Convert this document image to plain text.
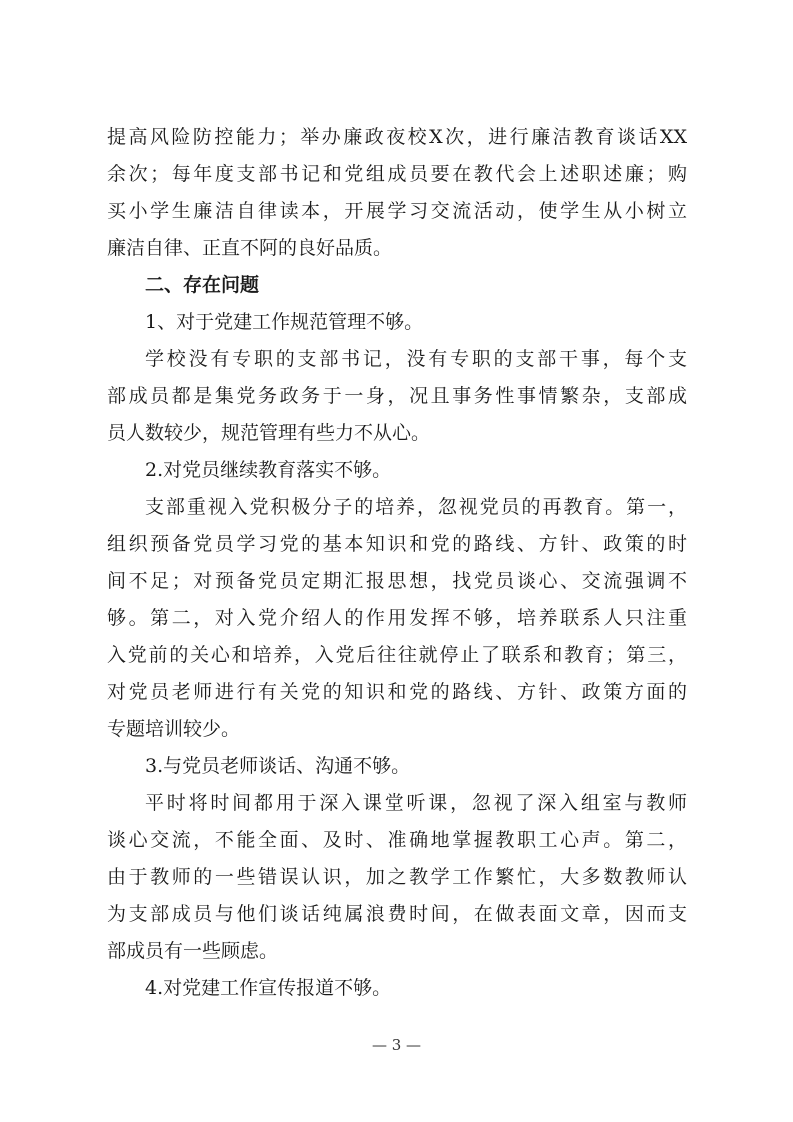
提高风险防控能力；举办廉政夜校X次，进行廉洁教育谈话XX
余次；每年度支部书记和党组成员要在教代会上述职述廉；购
买小学生廉洁自律读本，开展学习交流活动，使学生从小树立
廉洁自律、正直不阿的良好品质。
二、存在问题
1、对于党建工作规范管理不够。
学校没有专职的支部书记，没有专职的支部干事，每个支
部成员都是集党务政务于一身，况且事务性事情繁杂，支部成
员人数较少，规范管理有些力不从心。
2.对党员继续教育落实不够。
支部重视入党积极分子的培养，忽视党员的再教育。第一，
组织预备党员学习党的基本知识和党的路线、方针、政策的时
间不足；对预备党员定期汇报思想，找党员谈心、交流强调不
够。第二，对入党介绍人的作用发挥不够，培养联系人只注重
入党前的关心和培养，入党后往往就停止了联系和教育；第三，
对党员老师进行有关党的知识和党的路线、方针、政策方面的
专题培训较少。
3.与党员老师谈话、沟通不够。
平时将时间都用于深入课堂听课，忽视了深入组室与教师
谈心交流，不能全面、及时、准确地掌握教职工心声。第二，
由于教师的一些错误认识，加之教学工作繁忙，大多数教师认
为支部成员与他们谈话纯属浪费时间，在做表面文章，因而支
部成员有一些顾虑。
4.对党建工作宣传报道不够。
— 3 —
